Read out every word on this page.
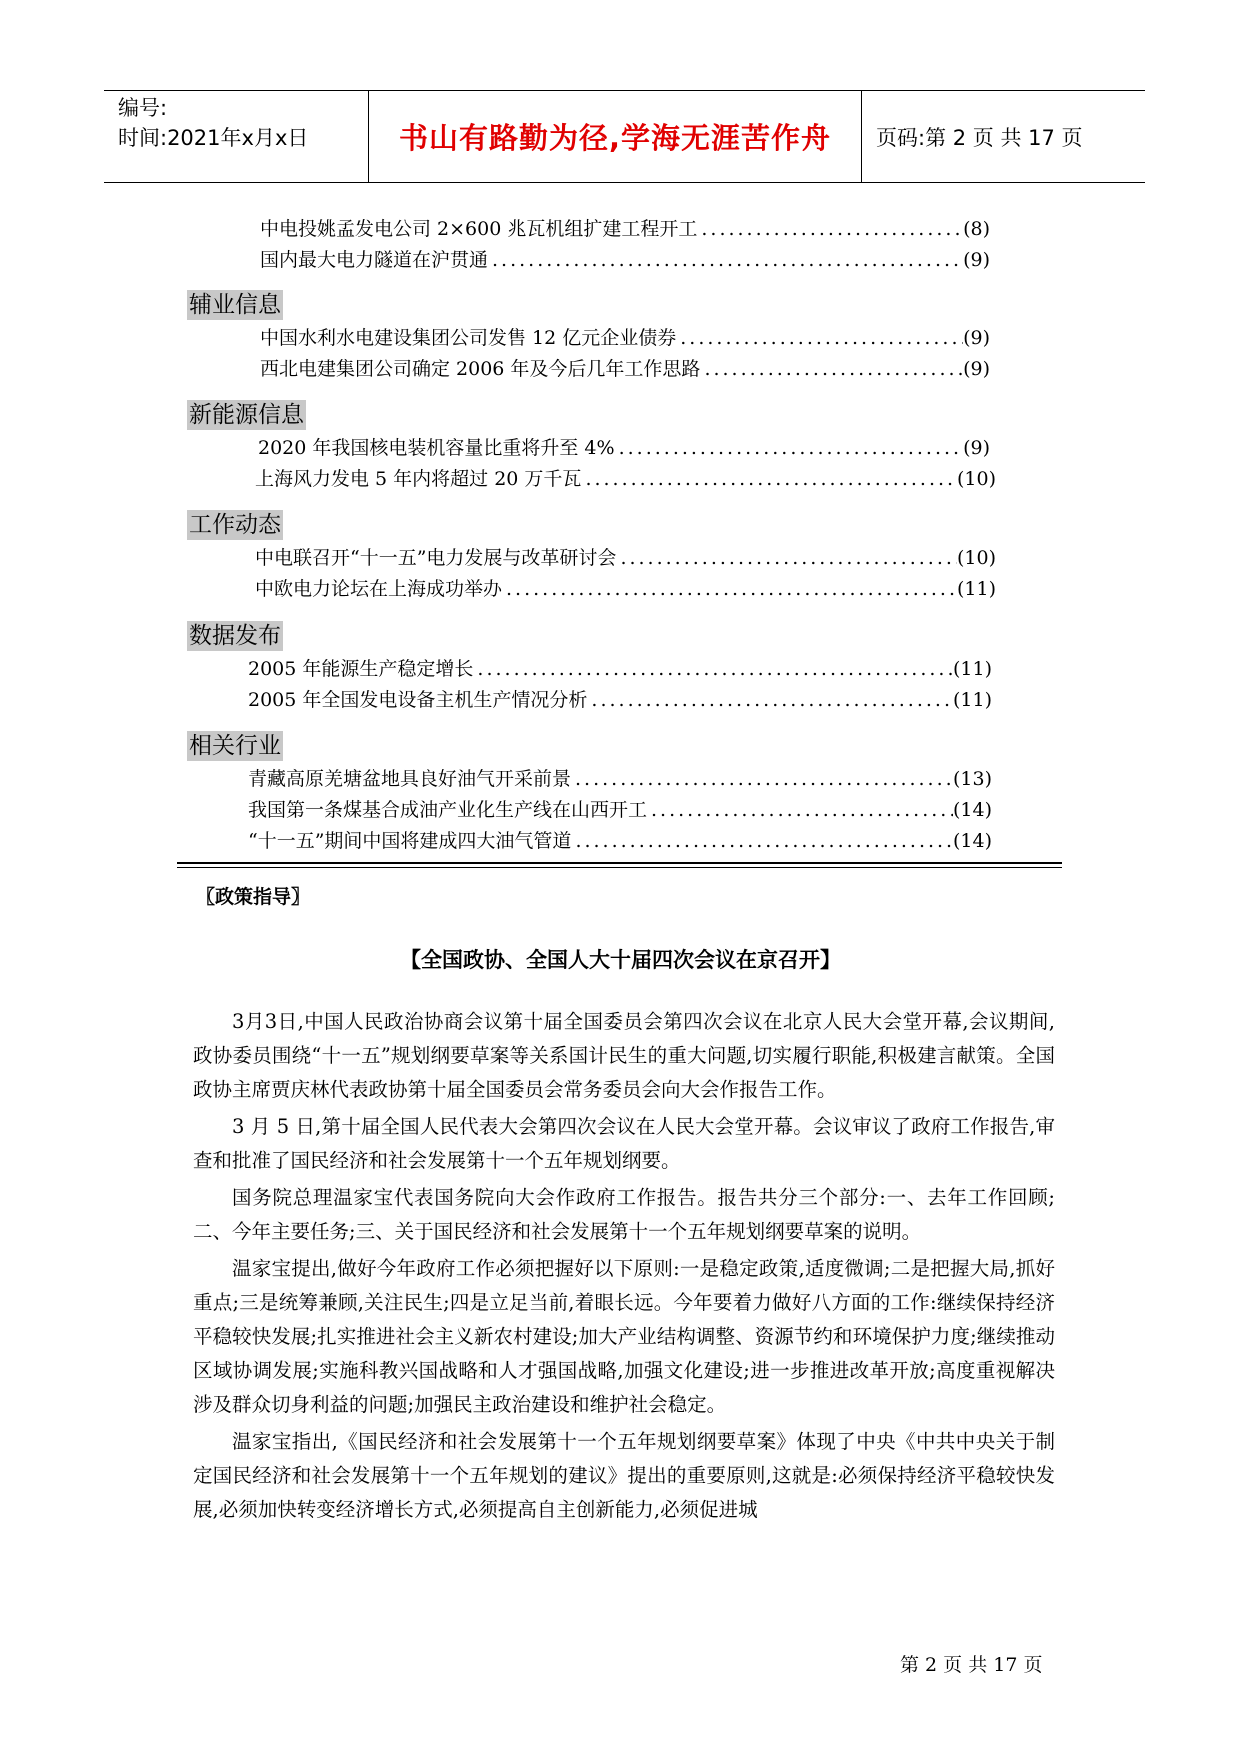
编号:
时间:2021年x月x日	书山有路勤为径,学海无涯苦作舟	页码:第 2 页 共 17 页
中电投姚孟发电公司 2×600 兆瓦机组扩建工程开工 .....	(8)
国内最大电力隧道在沪贯通 .....	(9)
辅业信息
中国水利水电建设集团公司发售 12 亿元企业债券 .....	(9)
西北电建集团公司确定 2006 年及今后几年工作思路 .....	(9)
新能源信息
2020 年我国核电装机容量比重将升至 4% .....	(9)
上海风力发电 5 年内将超过 20 万千瓦 .....	(10)
工作动态
中电联召开“十一五”电力发展与改革研讨会 .....	(10)
中欧电力论坛在上海成功举办 .....	(11)
数据发布
2005 年能源生产稳定增长 .....	(11)
2005 年全国发电设备主机生产情况分析 .....	(11)
相关行业
青藏高原羌塘盆地具良好油气开采前景 .....	(13)
我国第一条煤基合成油产业化生产线在山西开工 .....	(14)
“十一五”期间中国将建成四大油气管道 .....	(14)
〖政策指导〗
【全国政协、全国人大十届四次会议在京召开】

3月3日,中国人民政治协商会议第十届全国委员会第四次会议在北京人民大会堂开幕,会议期间,政协委员围绕“十一五”规划纲要草案等关系国计民生的重大问题,切实履行职能,积极建言献策。全国政协主席贾庆林代表政协第十届全国委员会常务委员会向大会作报告工作。

3 月 5 日,第十届全国人民代表大会第四次会议在人民大会堂开幕。会议审议了政府工作报告,审查和批准了国民经济和社会发展第十一个五年规划纲要。

国务院总理温家宝代表国务院向大会作政府工作报告。报告共分三个部分:一、去年工作回顾;二、今年主要任务;三、关于国民经济和社会发展第十一个五年规划纲要草案的说明。

温家宝提出,做好今年政府工作必须把握好以下原则:一是稳定政策,适度微调;二是把握大局,抓好重点;三是统筹兼顾,关注民生;四是立足当前,着眼长远。今年要着力做好八方面的工作:继续保持经济平稳较快发展;扎实推进社会主义新农村建设;加大产业结构调整、资源节约和环境保护力度;继续推动区域协调发展;实施科教兴国战略和人才强国战略,加强文化建设;进一步推进改革开放;高度重视解决涉及群众切身利益的问题;加强民主政治建设和维护社会稳定。

温家宝指出,《国民经济和社会发展第十一个五年规划纲要草案》体现了中央《中共中央关于制定国民经济和社会发展第十一个五年规划的建议》提出的重要原则,这就是:必须保持经济平稳较快发展,必须加快转变经济增长方式,必须提高自主创新能力,必须促进城

第 2 页 共 17 页
